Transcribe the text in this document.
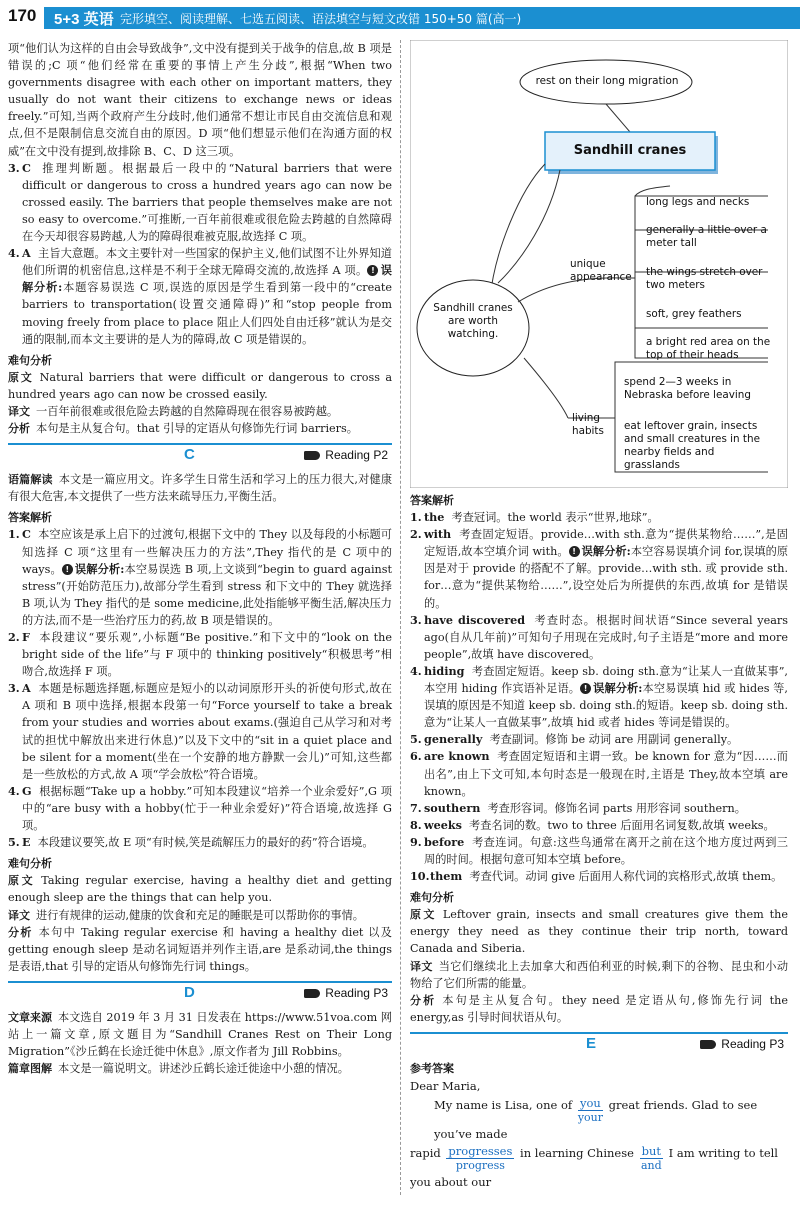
170 5+3 英语 完形填空、阅读理解、七选五阅读、语法填空与短文改错 150+50 篇(高一)

项“他们认为这样的自由会导致战争”,文中没有提到关于战争的信息,故 B 项是错误的;C 项“他们经常在重要的事情上产生分歧”,根据“When two governments disagree with each other on important matters, they usually do not want their citizens to exchange news or ideas freely.”可知,当两个政府产生分歧时,他们通常不想让市民自由交流信息和观点,但不是限制信息交流自由的原因。D 项“他们想显示他们在沟通方面的权威”在文中没有提到,故排除 B、C、D 这三项。

3. C 推理判断题。根据最后一段中的“Natural barriers that were difficult or dangerous to cross a hundred years ago can now be crossed easily. The barriers that people themselves make are not so easy to overcome.”可推断,一百年前很难或很危险去跨越的自然障碍在今天却很容易跨越,人为的障碍很难被克服,故选择 C 项。
4. A 主旨大意题。本文主要针对一些国家的保护主义,他们试图不让外界知道他们所谓的机密信息,这样是不利于全球无障碍交流的,故选择 A 项。 ! 误解分析:本题容易误选 C 项,误选的原因是学生看到第一段中的“create barriers to transportation(设置交通障碍)”和“stop people from moving freely from place to place 阻止人们四处自由迁移”就认为是交通的限制,而本文主要讲的是人为的障碍,故 C 项是错误的。
难句分析
原文 Natural barriers that were difficult or dangerous to cross a hundred years ago can now be crossed easily.
译文 一百年前很难或很危险去跨越的自然障碍现在很容易被跨越。
分析 本句是主从复合句。that 引导的定语从句修饰先行词 barriers。
C	Reading P2
语篇解读 本文是一篇应用文。许多学生日常生活和学习上的压力很大,对健康有很大危害,本文提供了一些方法来疏导压力,平衡生活。
答案解析
1. C 本空应该是承上启下的过渡句,根据下文中的 They 以及每段的小标题可知选择 C 项“这里有一些解决压力的方法”,They 指代的是 C 项中的 ways。 ! 误解分析:本空易误选 B 项,上文谈到“begin to guard against stress”(开始防范压力),故部分学生看到 stress 和下文中的 They 就选择 B 项,认为 They 指代的是 some medicine,此处指能够平衡生活,解决压力的方法,而不是一些治疗压力的药,故 B 项是错误的。
2. F 本段建议“要乐观”,小标题“Be positive.”和下文中的“look on the bright side of the life”与 F 项中的 thinking positively“积极思考”相吻合,故选择 F 项。
3. A 本题是标题选择题,标题应是短小的以动词原形开头的祈使句形式,故在 A 项和 B 项中选择,根据本段第一句“Force yourself to take a break from your studies and worries about exams.(强迫自己从学习和对考试的担忧中解放出来进行休息)”以及下文中的“sit in a quiet place and be silent for a moment(坐在一个安静的地方静默一会儿)”可知,这些都是一些放松的方式,故 A 项“学会放松”符合语境。
4. G 根据标题“Take up a hobby.”可知本段建议“培养一个业余爱好”,G 项中的“are busy with a hobby(忙于一种业余爱好)”符合语境,故选择 G 项。
5. E 本段建议要笑,故 E 项“有时候,笑是疏解压力的最好的药”符合语境。
难句分析
原文 Taking regular exercise, having a healthy diet and getting enough sleep are the things that can help you.
译文 进行有规律的运动,健康的饮食和充足的睡眠是可以帮助你的事情。
分析 本句中 Taking regular exercise 和 having a healthy diet 以及 getting enough sleep 是动名词短语并列作主语,are 是系动词,the things 是表语,that 引导的定语从句修饰先行词 things。
D	Reading P3
文章来源 本文选自 2019 年 3 月 31 日发表在 https://www.51voa.com 网站上一篇文章,原文题目为“Sandhill Cranes Rest on Their Long Migration”《沙丘鹤在长途迁徙中休息》,原文作者为 Jill Robbins。
篇章图解 本文是一篇说明文。讲述沙丘鹤长途迁徙途中小憩的情况。
rest on their long migration
Sandhill cranes
Sandhill cranes are worth watching.
unique appearance
long legs and necks
generally a little over a meter tall
the wings stretch over two meters
soft, grey feathers
a bright red area on the top of their heads
living habits
spend 2—3 weeks in Nebraska before leaving
eat leftover grain, insects and small creatures in the nearby fields and grasslands
答案解析
1. the 考查冠词。the world 表示“世界,地球”。
2. with 考查固定短语。provide…with sth.意为“提供某物给……”,是固定短语,故本空填介词 with。 ! 误解分析:本空容易误填介词 for,误填的原因是对于 provide 的搭配不了解。provide…with sth. 或 provide sth. for…意为“提供某物给……”,设空处后为所提供的东西,故填 for 是错误的。
3. have discovered 考查时态。根据时间状语“Since several years ago(自从几年前)”可知句子用现在完成时,句子主语是“more and more people”,故填 have discovered。
4. hiding 考查固定短语。keep sb. doing sth.意为“让某人一直做某事”,本空用 hiding 作宾语补足语。 ! 误解分析:本空易误填 hid 或 hides 等,误填的原因是不知道 keep sb. doing sth.的短语。keep sb. doing sth.意为“让某人一直做某事”,故填 hid 或者 hides 等词是错误的。
5. generally 考查副词。修饰 be 动词 are 用副词 generally。
6. are known 考查固定短语和主谓一致。be known for 意为“因……而出名”,由上下文可知,本句时态是一般现在时,主语是 They,故本空填 are known。
7. southern 考查形容词。修饰名词 parts 用形容词 southern。
8. weeks 考查名词的数。two to three 后面用名词复数,故填 weeks。
9. before 考查连词。句意:这些鸟通常在离开之前在这个地方度过两到三周的时间。根据句意可知本空填 before。
10. them 考查代词。动词 give 后面用人称代词的宾格形式,故填 them。
难句分析
原文 Leftover grain, insects and small creatures give them the energy they need as they continue their trip north, toward Canada and Siberia.
译文 当它们继续北上去加拿大和西伯利亚的时候,剩下的谷物、昆虫和小动物给了它们所需的能量。
分析 本句是主从复合句。they need 是定语从句,修饰先行词 the energy,as 引导时间状语从句。
E	Reading P3
参考答案
Dear Maria,
My name is Lisa, one of you
your
great friends. Glad to see you’ve made
rapid progresses
progress
in learning Chinese but
and
I am writing to tell you about our
